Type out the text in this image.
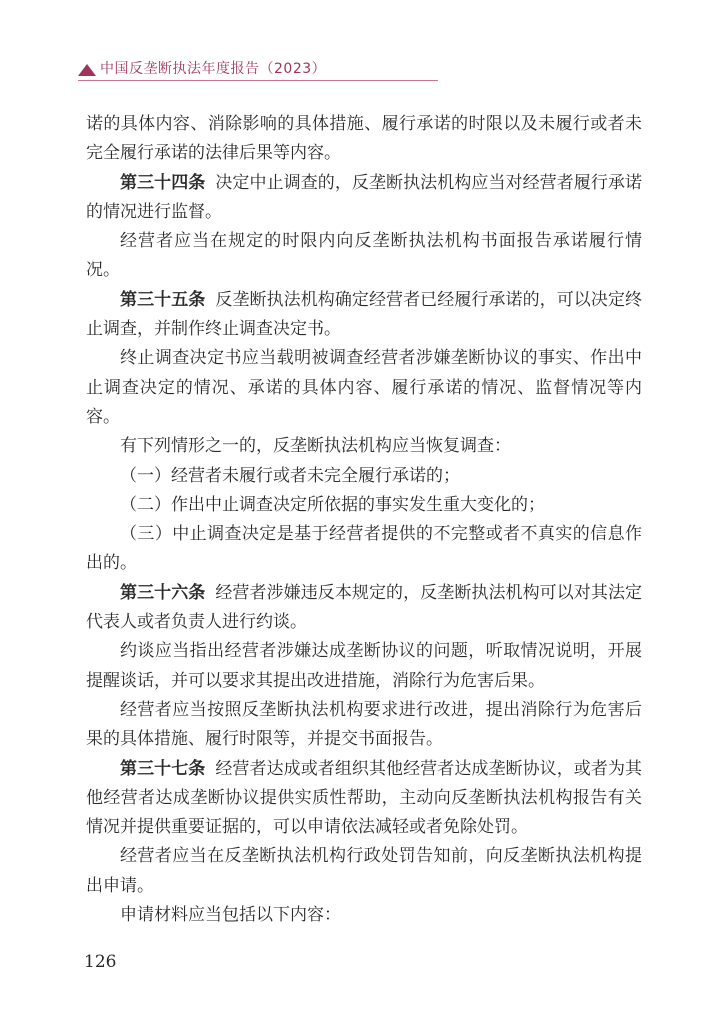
中国反垄断执法年度报告（2023）

诺的具体内容、消除影响的具体措施、履行承诺的时限以及未履行或者未完全履行承诺的法律后果等内容。

第三十四条 决定中止调查的，反垄断执法机构应当对经营者履行承诺的情况进行监督。

经营者应当在规定的时限内向反垄断执法机构书面报告承诺履行情况。

第三十五条 反垄断执法机构确定经营者已经履行承诺的，可以决定终止调查，并制作终止调查决定书。

终止调查决定书应当载明被调查经营者涉嫌垄断协议的事实、作出中止调查决定的情况、承诺的具体内容、履行承诺的情况、监督情况等内容。

有下列情形之一的，反垄断执法机构应当恢复调查：

（一）经营者未履行或者未完全履行承诺的；

（二）作出中止调查决定所依据的事实发生重大变化的；

（三）中止调查决定是基于经营者提供的不完整或者不真实的信息作出的。

第三十六条 经营者涉嫌违反本规定的，反垄断执法机构可以对其法定代表人或者负责人进行约谈。

约谈应当指出经营者涉嫌达成垄断协议的问题，听取情况说明，开展提醒谈话，并可以要求其提出改进措施，消除行为危害后果。

经营者应当按照反垄断执法机构要求进行改进，提出消除行为危害后果的具体措施、履行时限等，并提交书面报告。

第三十七条 经营者达成或者组织其他经营者达成垄断协议，或者为其他经营者达成垄断协议提供实质性帮助，主动向反垄断执法机构报告有关情况并提供重要证据的，可以申请依法减轻或者免除处罚。

经营者应当在反垄断执法机构行政处罚告知前，向反垄断执法机构提出申请。

申请材料应当包括以下内容：

126
